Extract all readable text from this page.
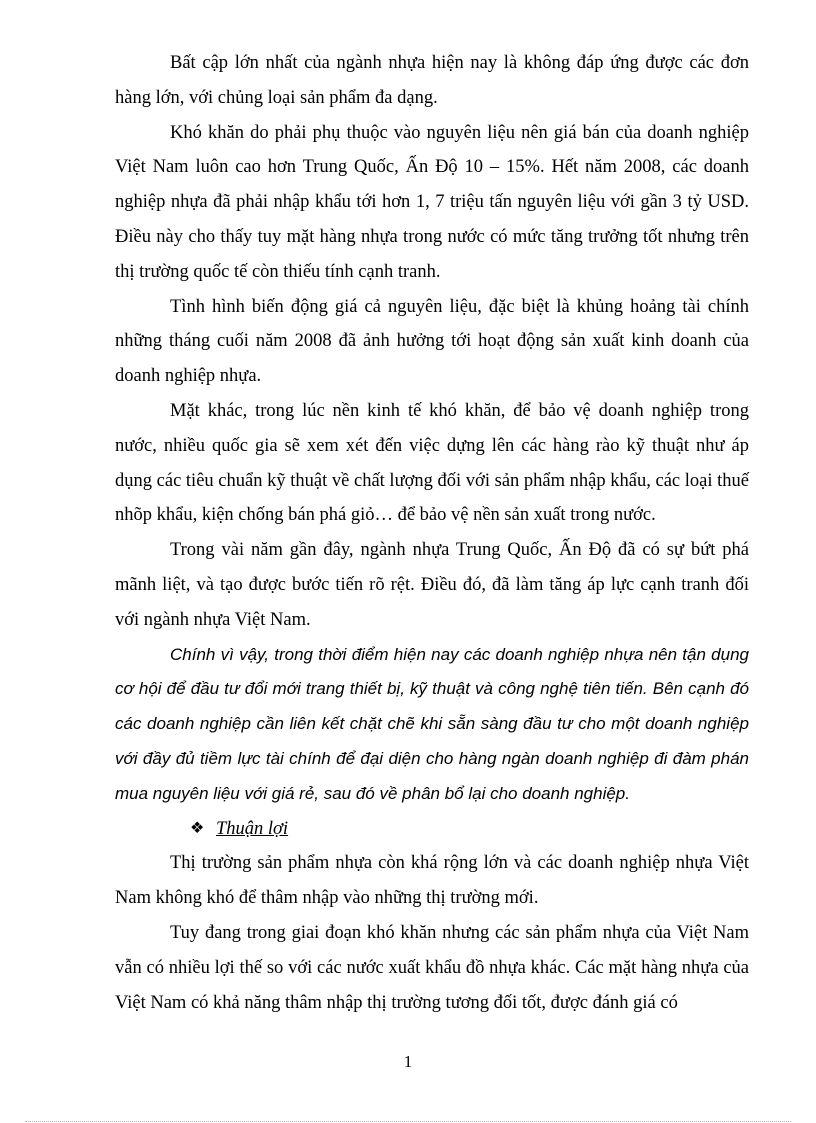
Bất cập lớn nhất của ngành nhựa hiện nay là không đáp ứng được các đơn hàng lớn, với chủng loại sản phẩm đa dạng.

Khó khăn do phải phụ thuộc vào nguyên liệu nên giá bán của doanh nghiệp Việt Nam luôn cao hơn Trung Quốc, Ấn Độ 10 – 15%. Hết năm 2008, các doanh nghiệp nhựa đã phải nhập khẩu tới hơn 1, 7 triệu tấn nguyên liệu với gần 3 tỷ USD. Điều này cho thấy tuy mặt hàng nhựa trong nước có mức tăng trưởng tốt nhưng trên thị trường quốc tế còn thiếu tính cạnh tranh.

Tình hình biến động giá cả nguyên liệu, đặc biệt là khủng hoảng tài chính những tháng cuối năm 2008 đã ảnh hưởng tới hoạt động sản xuất kinh doanh của doanh nghiệp nhựa.

Mặt khác, trong lúc nền kinh tế khó khăn, để bảo vệ doanh nghiệp trong nước, nhiều quốc gia sẽ xem xét đến việc dựng lên các hàng rào kỹ thuật như áp dụng các tiêu chuẩn kỹ thuật về chất lượng đối với sản phẩm nhập khẩu, các loại thuế nhõp khẩu, kiện chống bán phá giỏ… để bảo vệ nền sản xuất trong nước.

Trong vài năm gần đây, ngành nhựa Trung Quốc, Ấn Độ đã có sự bứt phá mãnh liệt, và tạo được bước tiến rõ rệt. Điều đó, đã làm tăng áp lực cạnh tranh đối với ngành nhựa Việt Nam.

Chính vì vậy, trong thời điểm hiện nay các doanh nghiệp nhựa nên tận dụng cơ hội để đầu tư đổi mới trang thiết bị, kỹ thuật và công nghệ tiên tiến. Bên cạnh đó các doanh nghiệp cần liên kết chặt chẽ khi sẵn sàng đầu tư cho một doanh nghiệp với đầy đủ tiềm lực tài chính để đại diện cho hàng ngàn doanh nghiệp đi đàm phán mua nguyên liệu với giá rẻ, sau đó về phân bổ lại cho doanh nghiệp.

❖ Thuận lợi

Thị trường sản phẩm nhựa còn khá rộng lớn và các doanh nghiệp nhựa Việt Nam không khó để thâm nhập vào những thị trường mới.

Tuy đang trong giai đoạn khó khăn nhưng các sản phẩm nhựa của Việt Nam vẫn có nhiều lợi thế so với các nước xuất khẩu đồ nhựa khác. Các mặt hàng nhựa của Việt Nam có khả năng thâm nhập thị trường tương đối tốt, được đánh giá có

1
